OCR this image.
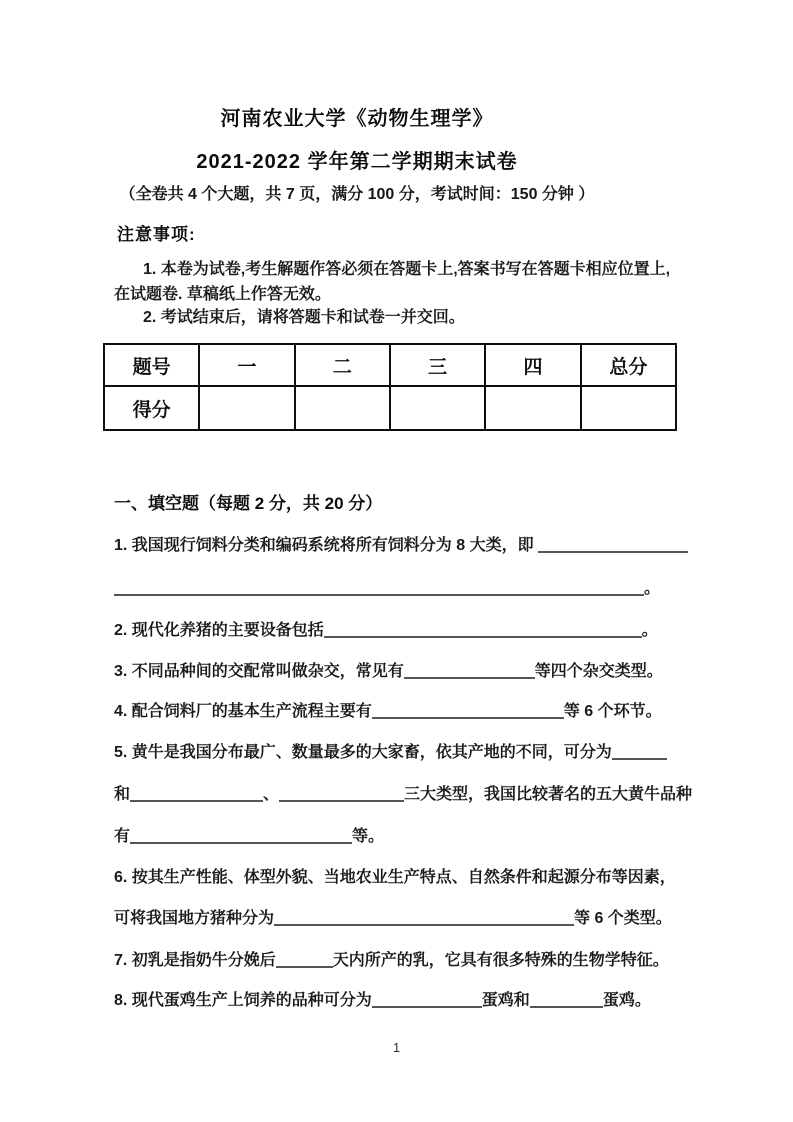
河南农业大学《动物生理学》
2021-2022 学年第二学期期末试卷
（全卷共 4 个大题，共 7 页，满分 100 分，考试时间：150 分钟 ）
注意事项:
题号	一	二	三	四	总分
得分					
一、填空题（每题 2 分，共 20 分）
1
1. 本卷为试卷,考生解题作答必须在答题卡上,答案书写在答题卡相应位置上,
在试题卷. 草稿纸上作答无效。
2. 考试结束后，请将答题卡和试卷一并交回。
1. 我国现行饲料分类和编码系统将所有饲料分为 8 大类，即
。
2. 现代化养猪的主要设备包括	。
3. 不同品种间的交配常叫做杂交，常见有	等四个杂交类型。
4. 配合饲料厂的基本生产流程主要有	等 6 个环节。
5. 黄牛是我国分布最广、数量最多的大家畜，依其产地的不同，可分为
和	、	三大类型，我国比较著名的五大黄牛品种
有	等。
6. 按其生产性能、体型外貌、当地农业生产特点、自然条件和起源分布等因素，
可将我国地方猪种分为	等 6 个类型。
7. 初乳是指奶牛分娩后	天内所产的乳，它具有很多特殊的生物学特征。
8. 现代蛋鸡生产上饲养的品种可分为	蛋鸡和	蛋鸡。
